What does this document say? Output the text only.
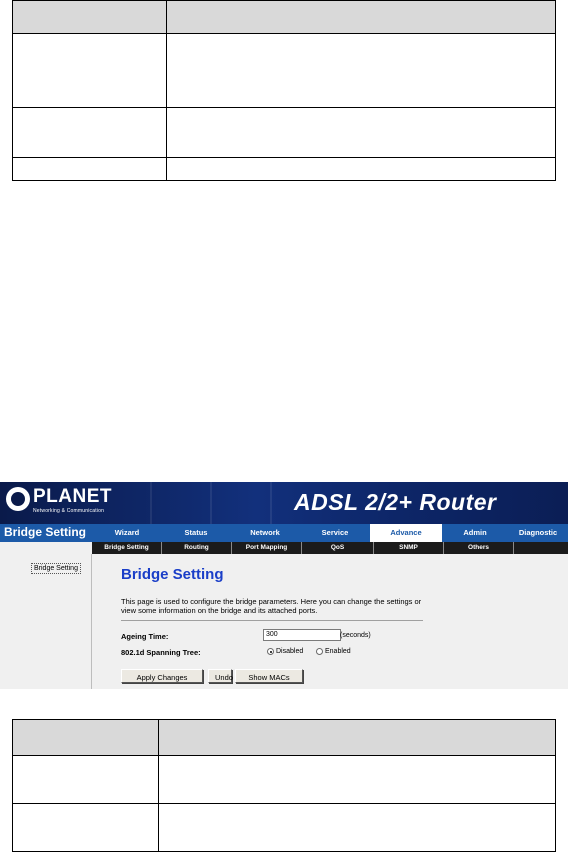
PLANET
Networking & Communication	ADSL 2/2+ Router
Bridge Setting	Wizard	Status	Network	Service	Advance	Admin	Diagnostic
Bridge Setting	Routing	Port Mapping	QoS	SNMP	Others
Bridge Setting	Bridge Setting
This page is used to configure the bridge parameters. Here you can change the settings or view some information on the bridge and its attached ports.
Ageing Time:
300	(seconds)
802.1d Spanning Tree:	Disabled	Enabled
Apply Changes	Undo	Show MACs
